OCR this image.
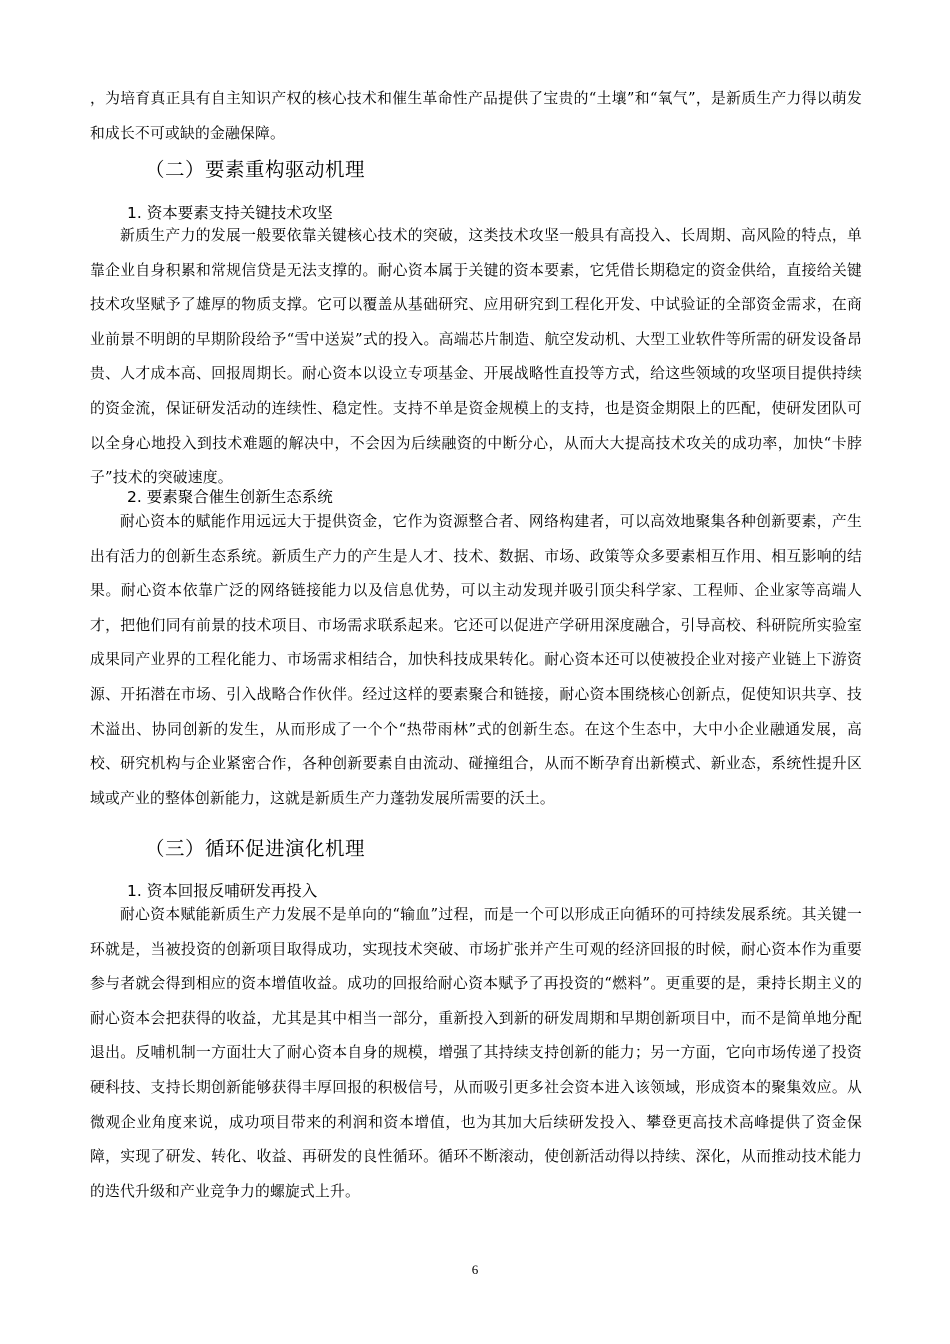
，为培育真正具有自主知识产权的核心技术和催生革命性产品提供了宝贵的“土壤”和“氧气”，是新质生产力得以萌发和成长不可或缺的金融保障。

（二）要素重构驱动机理
1. 资本要素支持关键技术攻坚

新质生产力的发展一般要依靠关键核心技术的突破，这类技术攻坚一般具有高投入、长周期、高风险的特点，单靠企业自身积累和常规信贷是无法支撑的。耐心资本属于关键的资本要素，它凭借长期稳定的资金供给，直接给关键技术攻坚赋予了雄厚的物质支撑。它可以覆盖从基础研究、应用研究到工程化开发、中试验证的全部资金需求，在商业前景不明朗的早期阶段给予“雪中送炭”式的投入。高端芯片制造、航空发动机、大型工业软件等所需的研发设备昂贵、人才成本高、回报周期长。耐心资本以设立专项基金、开展战略性直投等方式，给这些领域的攻坚项目提供持续的资金流，保证研发活动的连续性、稳定性。支持不单是资金规模上的支持，也是资金期限上的匹配，使研发团队可以全身心地投入到技术难题的解决中，不会因为后续融资的中断分心，从而大大提高技术攻关的成功率，加快“卡脖子”技术的突破速度。

2. 要素聚合催生创新生态系统

耐心资本的赋能作用远远大于提供资金，它作为资源整合者、网络构建者，可以高效地聚集各种创新要素，产生出有活力的创新生态系统。新质生产力的产生是人才、技术、数据、市场、政策等众多要素相互作用、相互影响的结果。耐心资本依靠广泛的网络链接能力以及信息优势，可以主动发现并吸引顶尖科学家、工程师、企业家等高端人才，把他们同有前景的技术项目、市场需求联系起来。它还可以促进产学研用深度融合，引导高校、科研院所实验室成果同产业界的工程化能力、市场需求相结合，加快科技成果转化。耐心资本还可以使被投企业对接产业链上下游资源、开拓潜在市场、引入战略合作伙伴。经过这样的要素聚合和链接，耐心资本围绕核心创新点，促使知识共享、技术溢出、协同创新的发生，从而形成了一个个“热带雨林”式的创新生态。在这个生态中，大中小企业融通发展，高校、研究机构与企业紧密合作，各种创新要素自由流动、碰撞组合，从而不断孕育出新模式、新业态，系统性提升区域或产业的整体创新能力，这就是新质生产力蓬勃发展所需要的沃土。

（三）循环促进演化机理
1. 资本回报反哺研发再投入

耐心资本赋能新质生产力发展不是单向的“输血”过程，而是一个可以形成正向循环的可持续发展系统。其关键一环就是，当被投资的创新项目取得成功，实现技术突破、市场扩张并产生可观的经济回报的时候，耐心资本作为重要参与者就会得到相应的资本增值收益。成功的回报给耐心资本赋予了再投资的“燃料”。更重要的是，秉持长期主义的耐心资本会把获得的收益，尤其是其中相当一部分，重新投入到新的研发周期和早期创新项目中，而不是简单地分配退出。反哺机制一方面壮大了耐心资本自身的规模，增强了其持续支持创新的能力；另一方面，它向市场传递了投资硬科技、支持长期创新能够获得丰厚回报的积极信号，从而吸引更多社会资本进入该领域，形成资本的聚集效应。从微观企业角度来说，成功项目带来的利润和资本增值，也为其加大后续研发投入、攀登更高技术高峰提供了资金保障，实现了研发、转化、收益、再研发的良性循环。循环不断滚动，使创新活动得以持续、深化，从而推动技术能力的迭代升级和产业竞争力的螺旋式上升。

6
